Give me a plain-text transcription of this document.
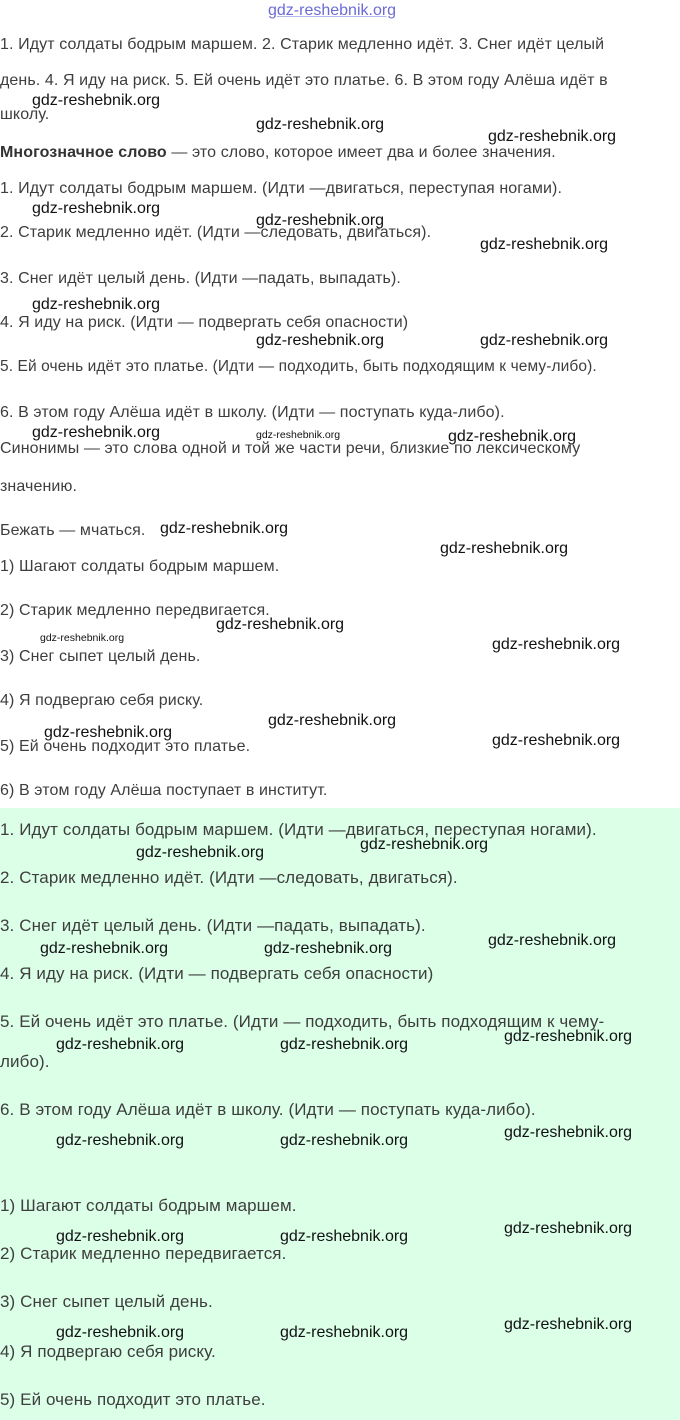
gdz-reshebnik.org
1. Идут солдаты бодрым маршем. 2. Старик медленно идёт. 3. Снег идёт целый
день. 4. Я иду на риск. 5. Ей очень идёт это платье. 6. В этом году Алёша идёт в
школу.
Многозначное слово — это слово, которое имеет два и более значения.
1. Идут солдаты бодрым маршем. (Идти —двигаться, переступая ногами).
2. Старик медленно идёт. (Идти —следовать, двигаться).
3. Снег идёт целый день. (Идти —падать, выпадать).
4. Я иду на риск. (Идти — подвергать себя опасности)
5. Ей очень идёт это платье. (Идти — подходить, быть подходящим к чему-либо).
6. В этом году Алёша идёт в школу. (Идти — поступать куда-либо).
Синонимы — это слова одной и той же части речи, близкие по лексическому
значению.
Бежать — мчаться.
1) Шагают солдаты бодрым маршем.
2) Старик медленно передвигается.
3) Снег сыпет целый день.
4) Я подвергаю себя риску.
5) Ей очень подходит это платье.
6) В этом году Алёша поступает в институт.
1. Идут солдаты бодрым маршем. (Идти —двигаться, переступая ногами).
2. Старик медленно идёт. (Идти —следовать, двигаться).
3. Снег идёт целый день. (Идти —падать, выпадать).
4. Я иду на риск. (Идти — подвергать себя опасности)
5. Ей очень идёт это платье. (Идти — подходить, быть подходящим к чему-
либо).
6. В этом году Алёша идёт в школу. (Идти — поступать куда-либо).
1) Шагают солдаты бодрым маршем.
2) Старик медленно передвигается.
3) Снег сыпет целый день.
4) Я подвергаю себя риску.
5) Ей очень подходит это платье.
gdz-reshebnik.org
gdz-reshebnik.org
gdz-reshebnik.org
gdz-reshebnik.org
gdz-reshebnik.org
gdz-reshebnik.org
gdz-reshebnik.org
gdz-reshebnik.org	gdz-reshebnik.org
gdz-reshebnik.org	gdz-reshebnik.org	gdz-reshebnik.org
gdz-reshebnik.org
gdz-reshebnik.org
gdz-reshebnik.org
gdz-reshebnik.org	gdz-reshebnik.org
gdz-reshebnik.org
gdz-reshebnik.org	gdz-reshebnik.org
gdz-reshebnik.org
gdz-reshebnik.org
gdz-reshebnik.org
gdz-reshebnik.org	gdz-reshebnik.org
gdz-reshebnik.org
gdz-reshebnik.org	gdz-reshebnik.org
gdz-reshebnik.org
gdz-reshebnik.org	gdz-reshebnik.org
gdz-reshebnik.org
gdz-reshebnik.org	gdz-reshebnik.org
gdz-reshebnik.org
gdz-reshebnik.org	gdz-reshebnik.org
